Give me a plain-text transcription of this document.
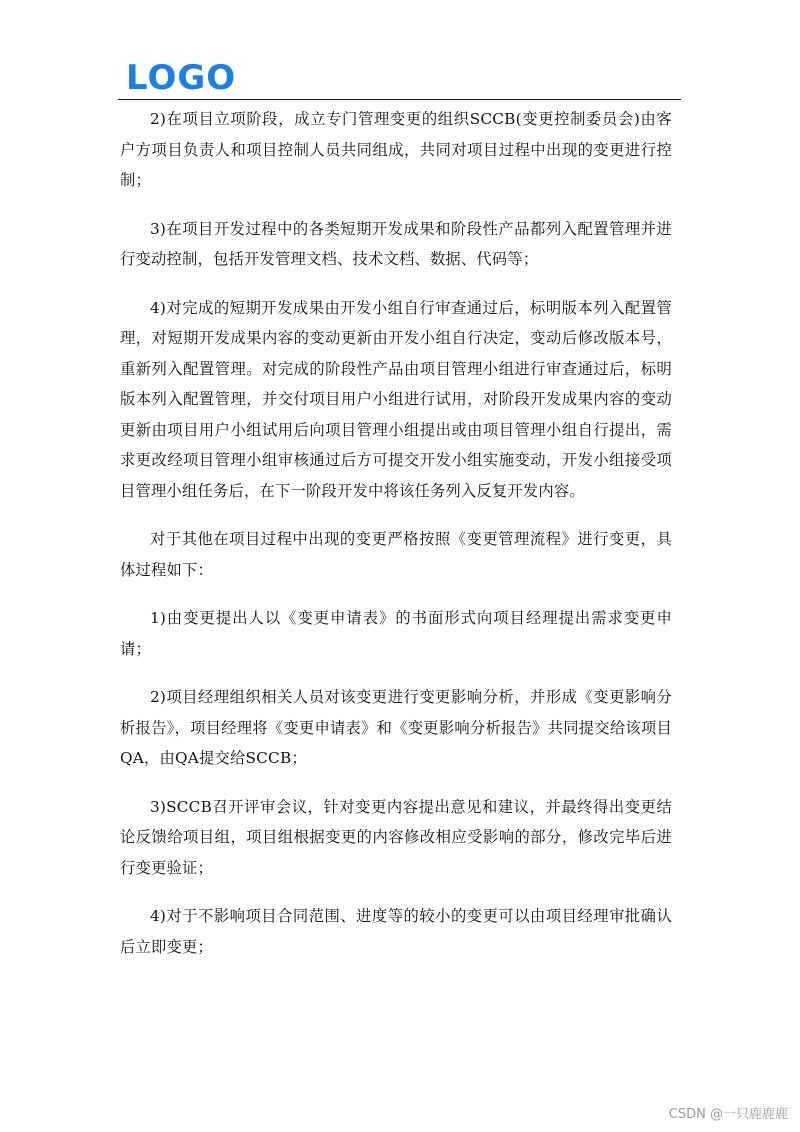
LOGO

2)在项目立项阶段，成立专门管理变更的组织SCCB(变更控制委员会)由客户方项目负责人和项目控制人员共同组成，共同对项目过程中出现的变更进行控制；

3)在项目开发过程中的各类短期开发成果和阶段性产品都列入配置管理并进行变动控制，包括开发管理文档、技术文档、数据、代码等；

4)对完成的短期开发成果由开发小组自行审查通过后，标明版本列入配置管理，对短期开发成果内容的变动更新由开发小组自行决定，变动后修改版本号，重新列入配置管理。对完成的阶段性产品由项目管理小组进行审查通过后，标明版本列入配置管理，并交付项目用户小组进行试用，对阶段开发成果内容的变动更新由项目用户小组试用后向项目管理小组提出或由项目管理小组自行提出，需求更改经项目管理小组审核通过后方可提交开发小组实施变动，开发小组接受项目管理小组任务后，在下一阶段开发中将该任务列入反复开发内容。

对于其他在项目过程中出现的变更严格按照《变更管理流程》进行变更，具体过程如下：

1)由变更提出人以《变更申请表》的书面形式向项目经理提出需求变更申请；

2)项目经理组织相关人员对该变更进行变更影响分析，并形成《变更影响分析报告》，项目经理将《变更申请表》和《变更影响分析报告》共同提交给该项目QA，由QA提交给SCCB；

3)SCCB召开评审会议，针对变更内容提出意见和建议，并最终得出变更结论反馈给项目组，项目组根据变更的内容修改相应受影响的部分，修改完毕后进行变更验证；

4)对于不影响项目合同范围、进度等的较小的变更可以由项目经理审批确认后立即变更；

CSDN @一只鹿鹿鹿
